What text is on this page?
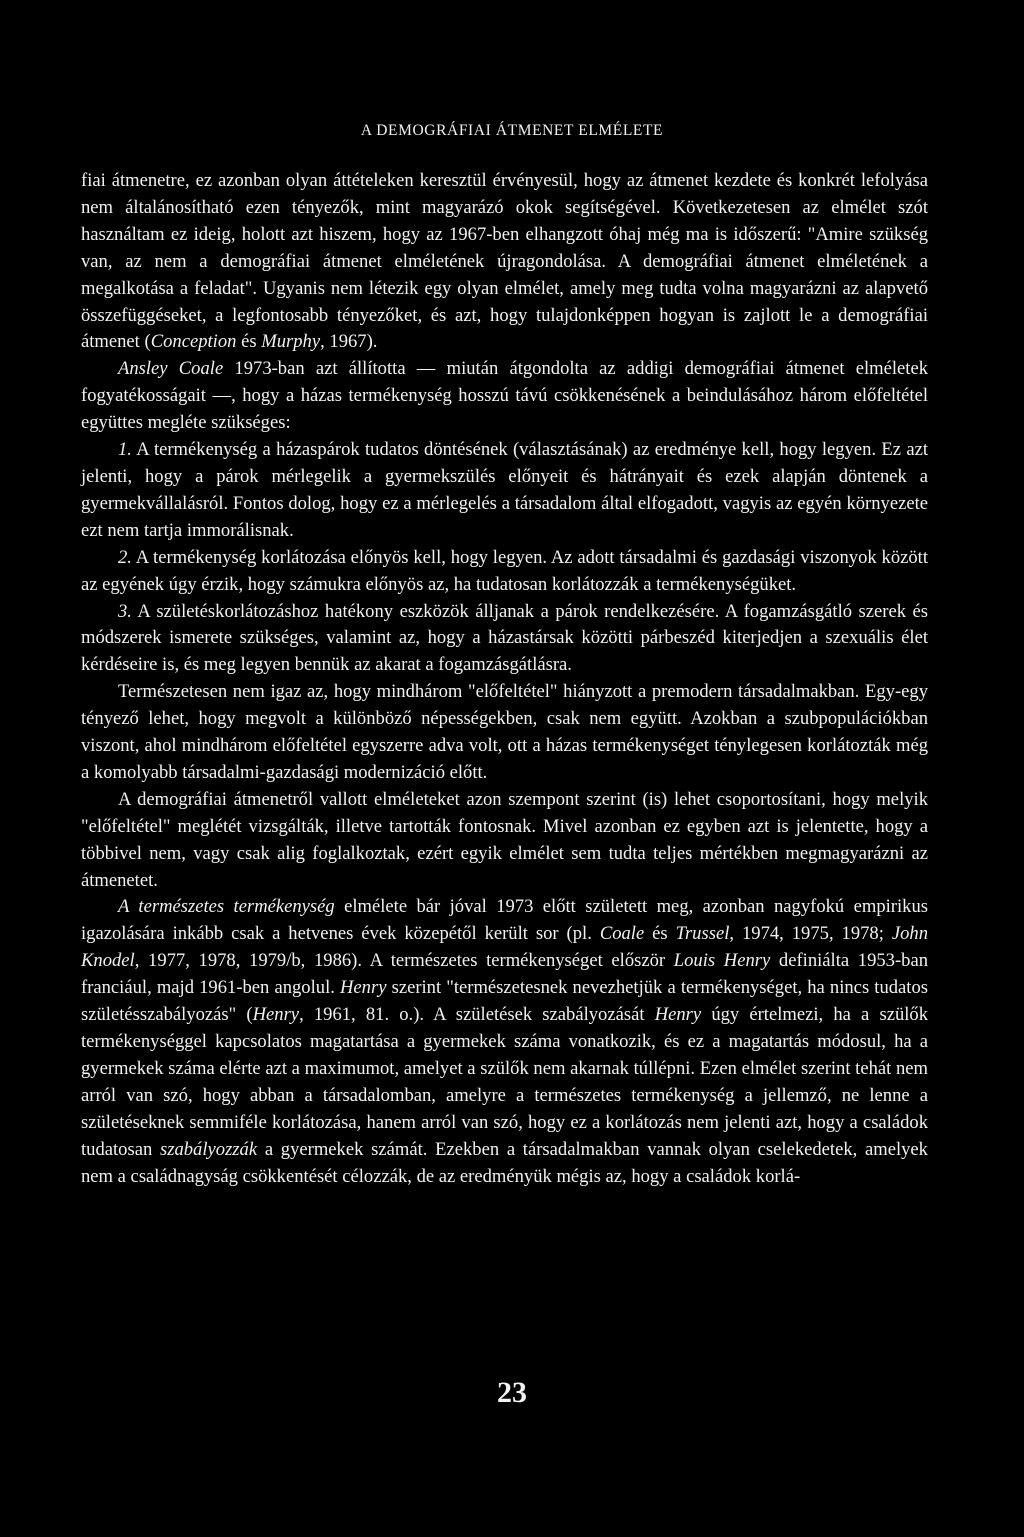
A DEMOGRÁFIAI ÁTMENET ELMÉLETE

fiai átmenetre, ez azonban olyan áttételeken keresztül érvényesül, hogy az átmenet kezdete és konkrét lefolyása nem általánosítható ezen tényezők, mint magyarázó okok segítségével. Következetesen az elmélet szót használtam ez ideig, holott azt hiszem, hogy az 1967-ben elhangzott óhaj még ma is időszerű: "Amire szükség van, az nem a demográfiai átmenet elméletének újragondolása. A demográfiai átmenet elméletének a megalkotása a feladat". Ugyanis nem létezik egy olyan elmélet, amely meg tudta volna magyarázni az alapvető összefüggéseket, a legfontosabb tényezőket, és azt, hogy tulajdonképpen hogyan is zajlott le a demográfiai átmenet (Conception és Murphy, 1967).

Ansley Coale 1973-ban azt állította — miután átgondolta az addigi demográfiai átmenet elméletek fogyatékosságait —, hogy a házas termékenység hosszú távú csökkenésének a beindulásához három előfeltétel együttes megléte szükséges:

1. A termékenység a házaspárok tudatos döntésének (választásának) az eredménye kell, hogy legyen. Ez azt jelenti, hogy a párok mérlegelik a gyermekszülés előnyeit és hátrányait és ezek alapján döntenek a gyermekvállalásról. Fontos dolog, hogy ez a mérlegelés a társadalom által elfogadott, vagyis az egyén környezete ezt nem tartja immorálisnak.

2. A termékenység korlátozása előnyös kell, hogy legyen. Az adott társadalmi és gazdasági viszonyok között az egyének úgy érzik, hogy számukra előnyös az, ha tudatosan korlátozzák a termékenységüket.

3. A születéskorlátozáshoz hatékony eszközök álljanak a párok rendelkezésére. A fogamzásgátló szerek és módszerek ismerete szükséges, valamint az, hogy a házastársak közötti párbeszéd kiterjedjen a szexuális élet kérdéseire is, és meg legyen bennük az akarat a fogamzásgátlásra.

Természetesen nem igaz az, hogy mindhárom "előfeltétel" hiányzott a premodern társadalmakban. Egy-egy tényező lehet, hogy megvolt a különböző népességekben, csak nem együtt. Azokban a szubpopulációkban viszont, ahol mindhárom előfeltétel egyszerre adva volt, ott a házas termékenységet ténylegesen korlátozták még a komolyabb társadalmi-gazdasági modernizáció előtt.

A demográfiai átmenetről vallott elméleteket azon szempont szerint (is) lehet csoportosítani, hogy melyik "előfeltétel" meglétét vizsgálták, illetve tartották fontosnak. Mivel azonban ez egyben azt is jelentette, hogy a többivel nem, vagy csak alig foglalkoztak, ezért egyik elmélet sem tudta teljes mértékben megmagyarázni az átmenetet.

A természetes termékenység elmélete bár jóval 1973 előtt született meg, azonban nagyfokú empirikus igazolására inkább csak a hetvenes évek közepétől került sor (pl. Coale és Trussel, 1974, 1975, 1978; John Knodel, 1977, 1978, 1979/b, 1986). A természetes termékenységet először Louis Henry definiálta 1953-ban franciául, majd 1961-ben angolul. Henry szerint "természetesnek nevezhetjük a termékenységet, ha nincs tudatos születésszabályozás" (Henry, 1961, 81. o.). A születések szabályozását Henry úgy értelmezi, ha a szülők termékenységgel kapcsolatos magatartása a gyermekek száma vonatkozik, és ez a magatartás módosul, ha a gyermekek száma elérte azt a maximumot, amelyet a szülők nem akarnak túllépni. Ezen elmélet szerint tehát nem arról van szó, hogy abban a társadalomban, amelyre a természetes termékenység a jellemző, ne lenne a születéseknek semmiféle korlátozása, hanem arról van szó, hogy ez a korlátozás nem jelenti azt, hogy a családok tudatosan szabályozzák a gyermekek számát. Ezekben a társadalmakban vannak olyan cselekedetek, amelyek nem a családnagyság csökkentését célozzák, de az eredményük mégis az, hogy a családok korlá-

23
